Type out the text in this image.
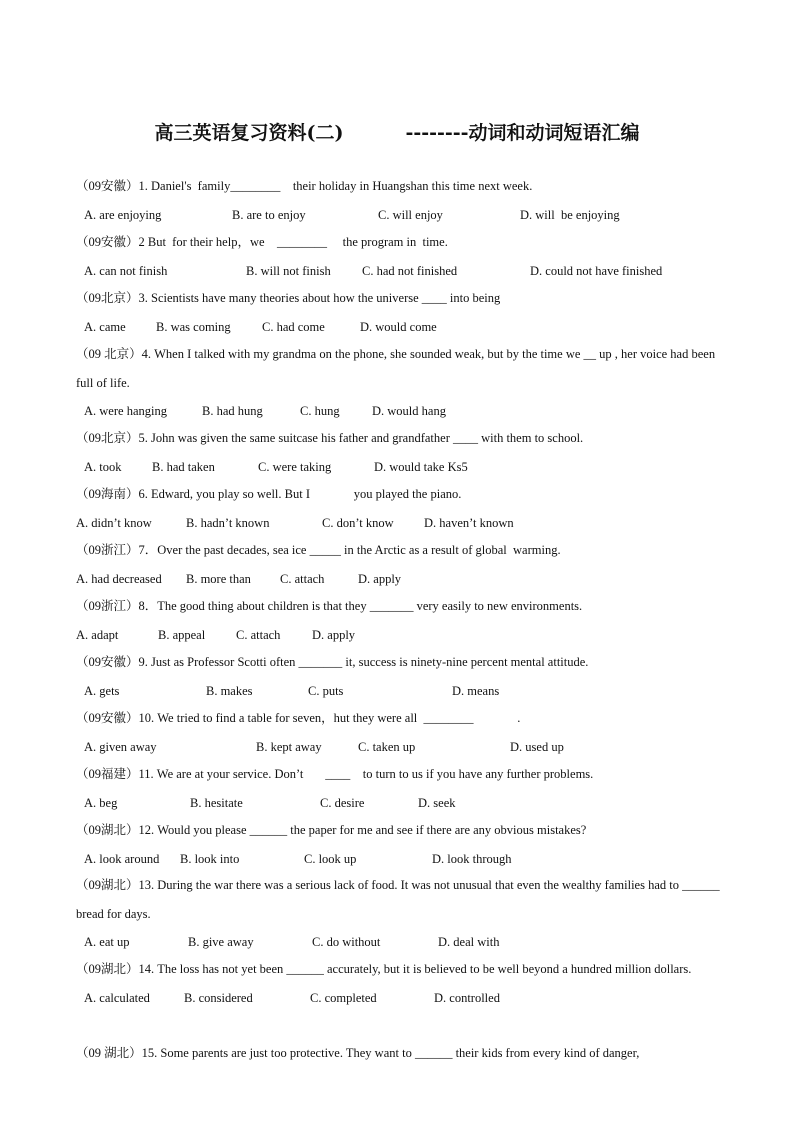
高三英语复习资料(二)	--------动词和动词短语汇编
（09安徽）1. Daniel's  family________    their holiday in Huangshan this time next week.
A. are enjoying	B. are to enjoy	C. will enjoy	D. will  be enjoying
（09安徽）2 But  for their help，we    ________     the program in  time.
A. can not finish	B. will not finish	C. had not finished	D. could not have finished
（09北京）3. Scientists have many theories about how the universe ____ into being
A. came B. was coming	C. had come	D. would come
（09 北京）4. When I talked with my grandma on the phone, she sounded weak, but by the time we __ up , her voice had been full of life.
A. were hanging	B. had hung	C. hung	D. would hang
（09北京）5. John was given the same suitcase his father and grandfather ____ with them to school.
A. took B. had taken	C. were taking	D. would take Ks5
（09海南）6. Edward, you play so well. But I              you played the piano.
A. didn’t know	B. hadn’t known	C. don’t know D. haven’t known
（09浙江）7．Over the past decades, sea ice _____ in the Arctic as a result of global  warming.
A. had decreased B. more than C. attach	D. apply
（09浙江）8．The good thing about children is that they _______ very easily to new environments.
A. adapt	B. appeal C. attach	D. apply
（09安徽）9. Just as Professor Scotti often _______ it, success is ninety-nine percent mental attitude.
A. gets	B. makes	C. puts	D. means
（09安徽）10. We tried to find a table for seven，hut they were all  ________              .
A. given away	B. kept away	C. taken up	D. used up
（09福建）11. We are at your service. Don’t       ____    to turn to us if you have any further problems.
A. beg	B. hesitate	C. desire	D. seek
（09湖北）12. Would you please ______ the paper for me and see if there are any obvious mistakes?
A. look around B. look into	C. look up	D. look through
（09湖北）13. During the war there was a serious lack of food. It was not unusual that even the wealthy families had to ______ bread for days.
A. eat up	B. give away	C. do without	D. deal with
（09湖北）14. The loss has not yet been ______ accurately, but it is believed to be well beyond a hundred million dollars.
A. calculated	B. considered	C. completed	D. controlled
（09 湖北）15. Some parents are just too protective. They want to ______ their kids from every kind of danger,
